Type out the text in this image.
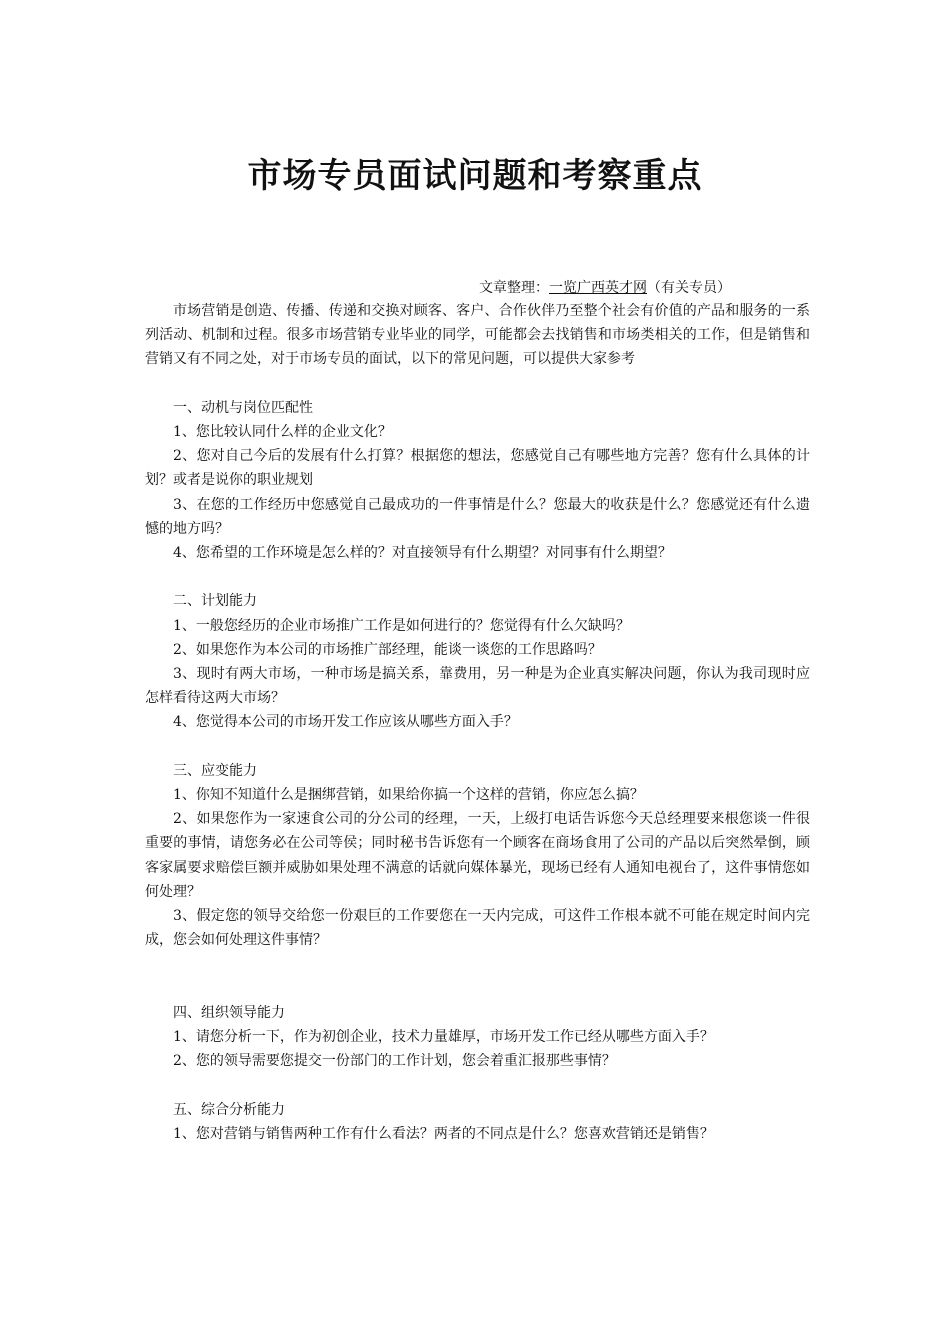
市场专员面试问题和考察重点
文章整理：一览广西英才网（有关专员）

市场营销是创造、传播、传递和交换对顾客、客户、合作伙伴乃至整个社会有价值的产品和服务的一系列活动、机制和过程。很多市场营销专业毕业的同学，可能都会去找销售和市场类相关的工作，但是销售和营销又有不同之处，对于市场专员的面试，以下的常见问题，可以提供大家参考

一、动机与岗位匹配性

1、您比较认同什么样的企业文化？

2、您对自己今后的发展有什么打算？根据您的想法，您感觉自己有哪些地方完善？您有什么具体的计划？或者是说你的职业规划

3、在您的工作经历中您感觉自己最成功的一件事情是什么？您最大的收获是什么？您感觉还有什么遗憾的地方吗？

4、您希望的工作环境是怎么样的？对直接领导有什么期望？对同事有什么期望？

二、计划能力

1、一般您经历的企业市场推广工作是如何进行的？您觉得有什么欠缺吗？

2、如果您作为本公司的市场推广部经理，能谈一谈您的工作思路吗？

3、现时有两大市场，一种市场是搞关系，靠费用，另一种是为企业真实解决问题，你认为我司现时应怎样看待这两大市场？

4、您觉得本公司的市场开发工作应该从哪些方面入手？

三、应变能力

1、你知不知道什么是捆绑营销，如果给你搞一个这样的营销，你应怎么搞？

2、如果您作为一家速食公司的分公司的经理，一天，上级打电话告诉您今天总经理要来根您谈一件很重要的事情，请您务必在公司等侯；同时秘书告诉您有一个顾客在商场食用了公司的产品以后突然晕倒，顾客家属要求赔偿巨额并威胁如果处理不满意的话就向媒体暴光，现场已经有人通知电视台了，这件事情您如何处理？

3、假定您的领导交给您一份艰巨的工作要您在一天内完成，可这件工作根本就不可能在规定时间内完成，您会如何处理这件事情？

四、组织领导能力

1、请您分析一下，作为初创企业，技术力量雄厚，市场开发工作已经从哪些方面入手？

2、您的领导需要您提交一份部门的工作计划，您会着重汇报那些事情？

五、综合分析能力

1、您对营销与销售两种工作有什么看法？两者的不同点是什么？您喜欢营销还是销售？
